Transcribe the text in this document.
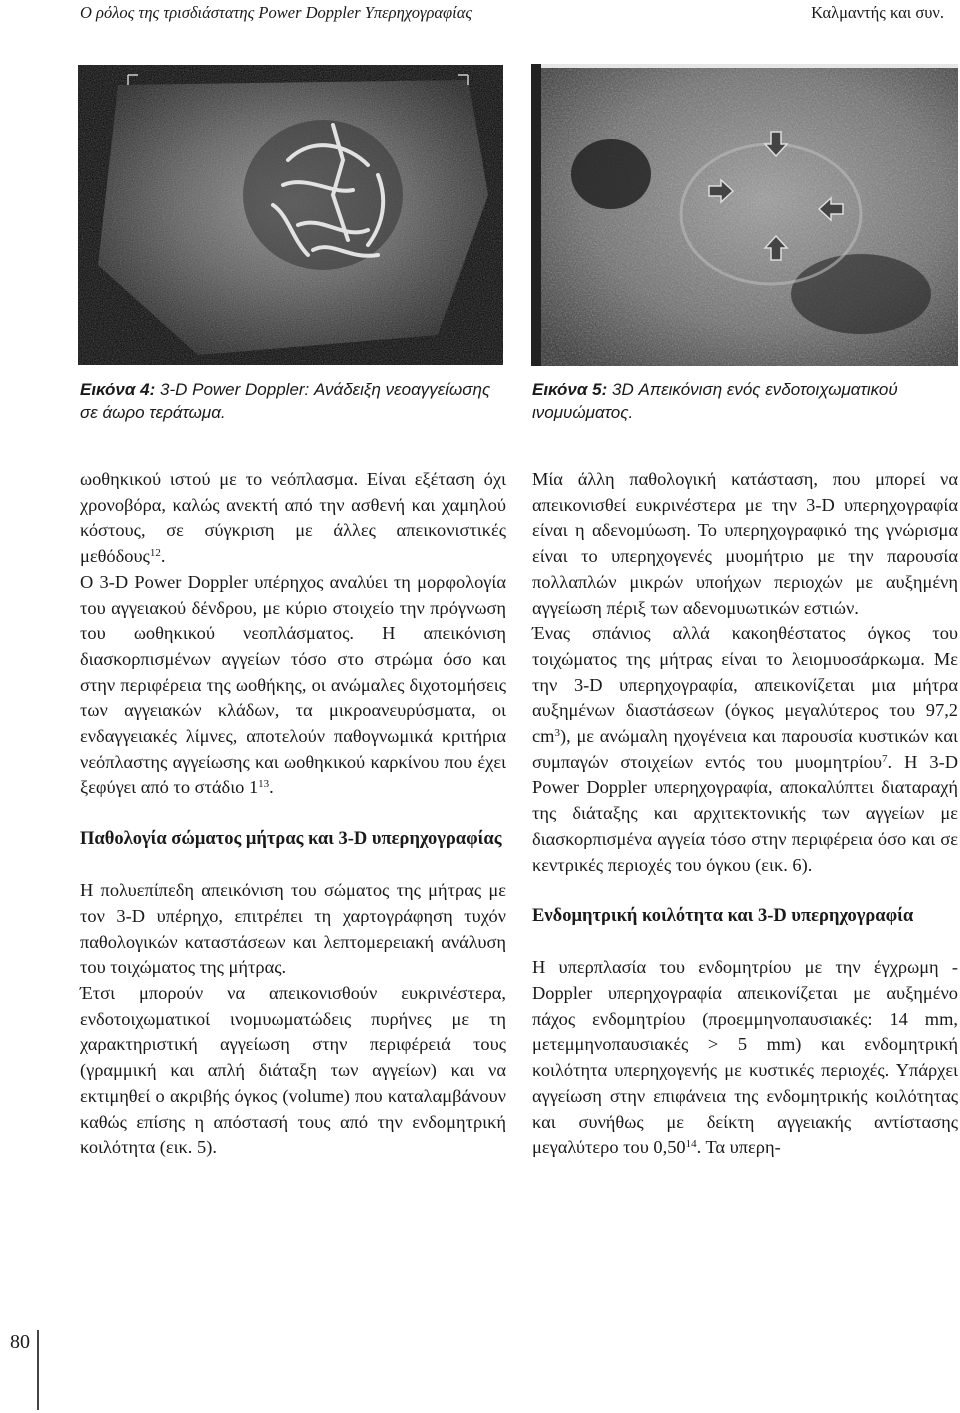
Ο ρόλος της τρισδιάστατης Power Doppler Υπερηχογραφίας	Καλμαντής και συν.
Εικόνα 4: 3-D Power Doppler: Ανάδειξη νεοαγγείωσης σε άωρο τεράτωμα.
Εικόνα 5: 3D Απεικόνιση ενός ενδοτοιχωματικού ινομυώματος.

ωοθηκικού ιστού με το νεόπλασμα. Είναι εξέταση όχι χρονοβόρα, καλώς ανεκτή από την ασθενή και χαμηλού κόστους, σε σύγκριση με άλλες απεικονιστικές μεθόδους$^{12}$.

Ο 3-D Power Doppler υπέρηχος αναλύει τη μορφολογία του αγγειακού δένδρου, με κύριο στοιχείο την πρόγνωση του ωοθηκικού νεοπλάσματος. Η απεικόνιση διασκορπισμένων αγγείων τόσο στο στρώμα όσο και στην περιφέρεια της ωοθήκης, οι ανώμαλες διχοτομήσεις των αγγειακών κλάδων, τα μικροανευρύσματα, οι ενδαγγειακές λίμνες, αποτελούν παθογνωμικά κριτήρια νεόπλαστης αγγείωσης και ωοθηκικού καρκίνου που έχει ξεφύγει από το στάδιο $1^{13}$.

Παθολογία σώματος μήτρας και 3-D υπερηχογραφίας

Η πολυεπίπεδη απεικόνιση του σώματος της μήτρας με τον 3-D υπέρηχο, επιτρέπει τη χαρτογράφηση τυχόν παθολογικών καταστάσεων και λεπτομερειακή ανάλυση του τοιχώματος της μήτρας.

Έτσι μπορούν να απεικονισθούν ευκρινέστερα, ενδοτοιχωματικοί ινομυωματώδεις πυρήνες με τη χαρακτηριστική αγγείωση στην περιφέρειά τους (γραμμική και απλή διάταξη των αγγείων) και να εκτιμηθεί ο ακριβής όγκος (volume) που καταλαμβάνουν καθώς επίσης η απόστασή τους από την ενδομητρική κοιλότητα (εικ. 5).

Μία άλλη παθολογική κατάσταση, που μπορεί να απεικονισθεί ευκρινέστερα με την 3-D υπερηχογραφία είναι η αδενομύωση. Το υπερηχογραφικό της γνώρισμα είναι το υπερηχογενές μυομήτριο με την παρουσία πολλαπλών μικρών υποήχων περιοχών με αυξημένη αγγείωση πέριξ των αδενομυωτικών εστιών.

Ένας σπάνιος αλλά κακοηθέστατος όγκος του τοιχώματος της μήτρας είναι το λειομυοσάρκωμα. Με την 3-D υπερηχογραφία, απεικονίζεται μια μήτρα αυξημένων διαστάσεων (όγκος μεγαλύτερος του 97,2 $cm^3$), με ανώμαλη ηχογένεια και παρουσία κυστικών και συμπαγών στοιχείων εντός του μυομητρίου$^7$. Η 3-D Power Doppler υπερηχογραφία, αποκαλύπτει διαταραχή της διάταξης και αρχιτεκτονικής των αγγείων με διασκορπισμένα αγγεία τόσο στην περιφέρεια όσο και σε κεντρικές περιοχές του όγκου (εικ. 6).

Ενδομητρική κοιλότητα και 3-D υπερηχογραφία

Η υπερπλασία του ενδομητρίου με την έγχρωμη - Doppler υπερηχογραφία απεικονίζεται με αυξημένο πάχος ενδομητρίου (προεμμηνοπαυσιακές: 14 mm, μετεμμηνοπαυσιακές > 5 mm) και ενδομητρική κοιλότητα υπερηχογενής με κυστικές περιοχές. Υπάρχει αγγείωση στην επιφάνεια της ενδομητρικής κοιλότητας και συνήθως με δείκτη αγγειακής αντίστασης μεγαλύτερο του 0,50$^{14}$. Τα υπερη-

80
